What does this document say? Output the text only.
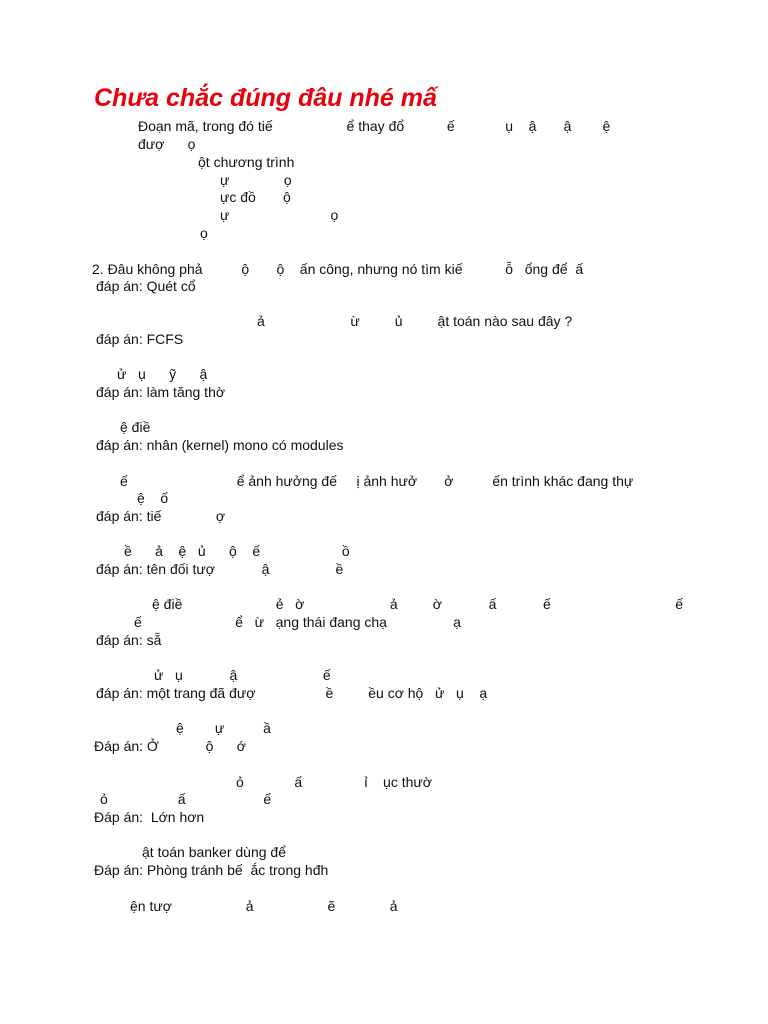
Chưa chắc đúng đâu nhé mấ
Đoạn mã, trong đó tiế                   ể thay đổ           ế             ụ    ậ       ậ        ệ
đượ      ọ
ột chương trình
ự              ọ
ực đồ       ộ
ự                          ọ
ọ
2. Đâu không phả          ộ       ộ    ấn công, nhưng nó tìm kiế           ỗ   ổng để  ấ
đáp án: Quét cổ
ả                      ừ         ủ         ật toán nào sau đây ?
đáp án: FCFS
ử   ụ      ỹ      ậ
đáp án: làm tăng thờ
ệ điề
đáp án: nhân (kernel) mono có modules
ế                            ể ảnh hưởng đế     ị ảnh hưở       ở          ến trình khác đang thự
ệ    ố
đáp án: tiế              ợ
ề      ả    ệ   ủ      ộ    ế                     ồ
đáp án: tên đối tượ            ậ                 ề
ệ điề                        ẻ   ờ                      ả         ờ            ấ            ế                                ế
ế                        ể   ừ   ạng thái đang chạ                 ạ
đáp án: sẵ
ử   ụ            ậ                      ế
đáp án: một trang đã đượ                  ề         ều cơ hộ   ử   ụ    ạ
ệ        ự          ầ
Đáp án: Ở            ộ      ớ
ỏ             ấ                ỉ    ục thườ
ỏ                  ấ                    ế
Đáp án:  Lớn hơn
ật toán banker dùng để
Đáp án: Phòng tránh bế  ắc trong hđh
ện tượ                   ả                   ẽ              ả
